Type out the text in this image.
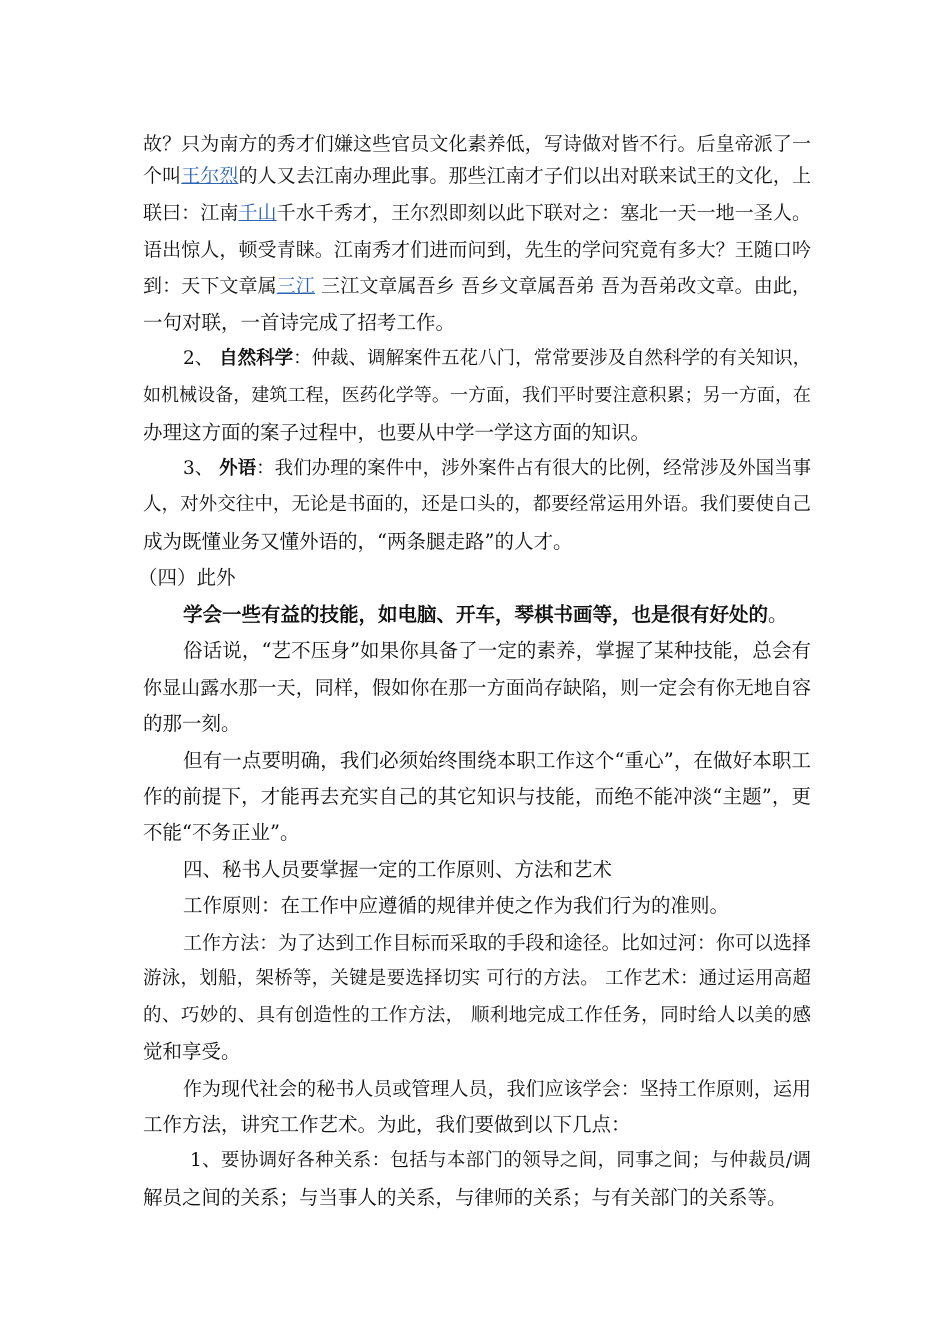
故？只为南方的秀才们嫌这些官员文化素养低，写诗做对皆不行。后皇帝派了一
个叫王尔烈的人又去江南办理此事。那些江南才子们以出对联来试王的文化，上
联曰：江南千山千水千秀才，王尔烈即刻以此下联对之：塞北一天一地一圣人。
语出惊人，顿受青睐。江南秀才们进而问到，先生的学问究竟有多大？王随口吟
到：天下文章属三江 三江文章属吾乡 吾乡文章属吾弟 吾为吾弟改文章。由此，
一句对联，一首诗完成了招考工作。
2、 自然科学：仲裁、调解案件五花八门，常常要涉及自然科学的有关知识，
如机械设备，建筑工程，医药化学等。一方面，我们平时要注意积累；另一方面，在
办理这方面的案子过程中，也要从中学一学这方面的知识。
3、 外语：我们办理的案件中，涉外案件占有很大的比例，经常涉及外国当事
人，对外交往中，无论是书面的，还是口头的，都要经常运用外语。我们要使自己
成为既懂业务又懂外语的，“两条腿走路”的人才。
（四）此外
学会一些有益的技能，如电脑、开车，琴棋书画等，也是很有好处的。
俗话说，“艺不压身”如果你具备了一定的素养，掌握了某种技能，总会有
你显山露水那一天，同样，假如你在那一方面尚存缺陷，则一定会有你无地自容
的那一刻。
但有一点要明确，我们必须始终围绕本职工作这个“重心”，在做好本职工
作的前提下，才能再去充实自己的其它知识与技能，而绝不能冲淡“主题”，更
不能“不务正业”。
四、秘书人员要掌握一定的工作原则、方法和艺术
工作原则：在工作中应遵循的规律并使之作为我们行为的准则。
工作方法：为了达到工作目标而采取的手段和途径。比如过河：你可以选择
游泳，划船，架桥等，关键是要选择切实 可行的方法。 工作艺术：通过运用高超
的、巧妙的、具有创造性的工作方法， 顺利地完成工作任务，同时给人以美的感
觉和享受。
作为现代社会的秘书人员或管理人员，我们应该学会：坚持工作原则，运用
工作方法，讲究工作艺术。为此，我们要做到以下几点：
1、要协调好各种关系：包括与本部门的领导之间，同事之间；与仲裁员/调
解员之间的关系；与当事人的关系，与律师的关系；与有关部门的关系等。
